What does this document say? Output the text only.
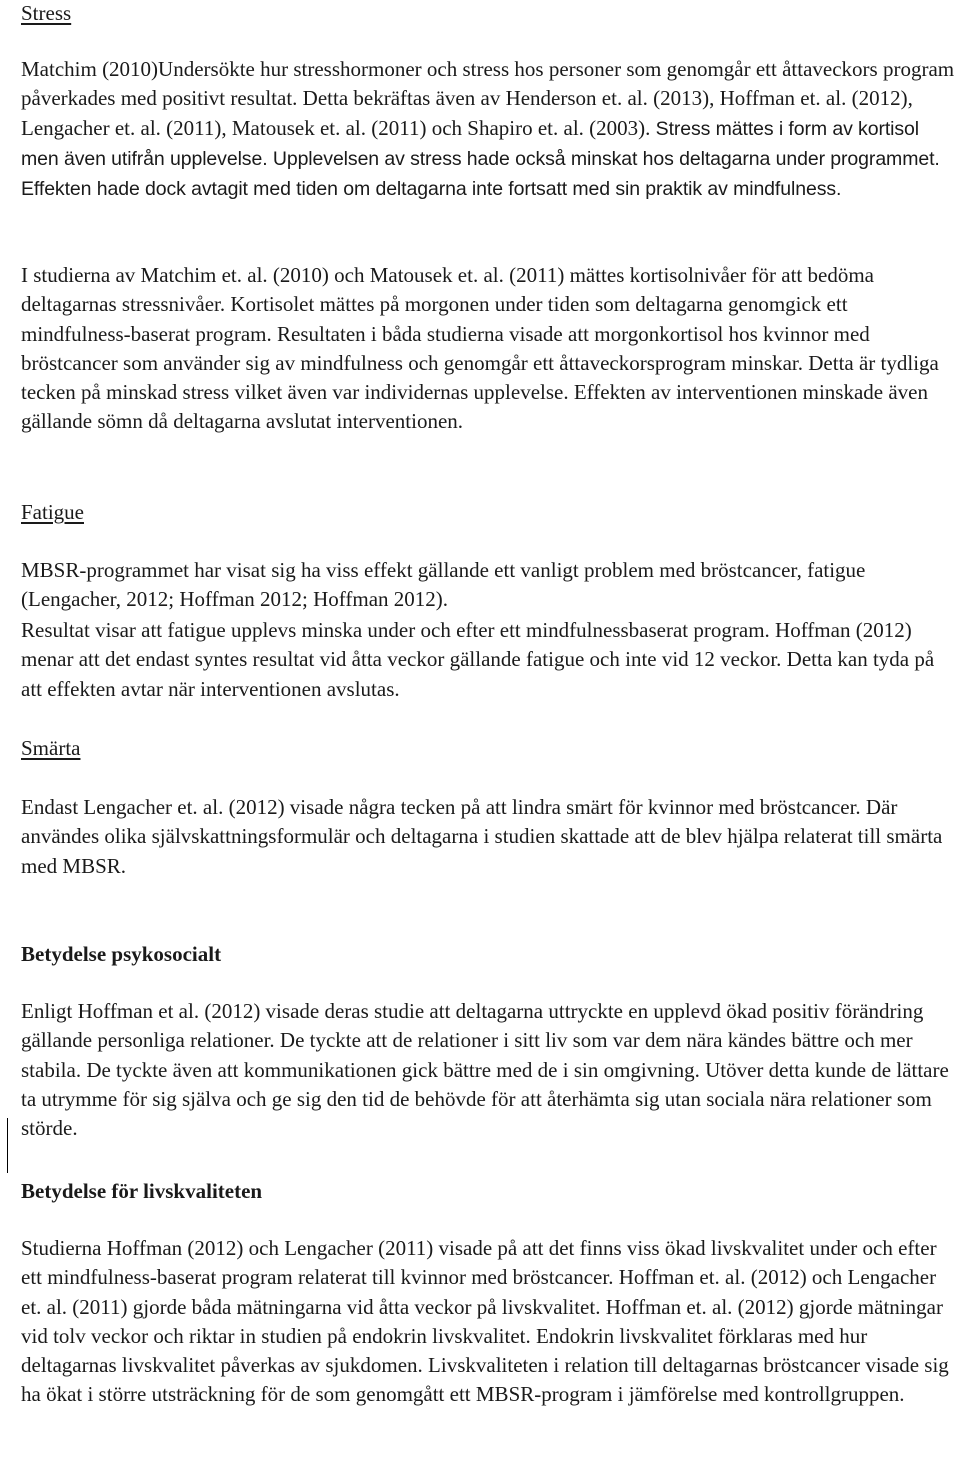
Stress

Matchim (2010)Undersökte hur stresshormoner och stress hos personer som genomgår ett åttaveckors program påverkades med positivt resultat. Detta bekräftas även av Henderson et. al. (2013), Hoffman et. al. (2012), Lengacher et. al. (2011), Matousek et. al. (2011) och Shapiro et. al. (2003). Stress mättes i form av kortisol men även utifrån upplevelse. Upplevelsen av stress hade också minskat hos deltagarna under programmet. Effekten hade dock avtagit med tiden om deltagarna inte fortsatt med sin praktik av mindfulness.

I studierna av Matchim et. al. (2010) och Matousek et. al. (2011) mättes kortisolnivåer för att bedöma deltagarnas stressnivåer. Kortisolet mättes på morgonen under tiden som deltagarna genomgick ett mindfulness-baserat program. Resultaten i båda studierna visade att morgonkortisol hos kvinnor med bröstcancer som använder sig av mindfulness och genomgår ett åttaveckorsprogram minskar. Detta är tydliga tecken på minskad stress vilket även var individernas upplevelse. Effekten av interventionen minskade även gällande sömn då deltagarna avslutat interventionen.

Fatigue

MBSR-programmet har visat sig ha viss effekt gällande ett vanligt problem med bröstcancer, fatigue (Lengacher, 2012; Hoffman 2012; Hoffman 2012).

Resultat visar att fatigue upplevs minska under och efter ett mindfulnessbaserat program. Hoffman (2012) menar att det endast syntes resultat vid åtta veckor gällande fatigue och inte vid 12 veckor. Detta kan tyda på att effekten avtar när interventionen avslutas.

Smärta

Endast Lengacher et. al. (2012) visade några tecken på att lindra smärt för kvinnor med bröstcancer. Där användes olika självskattningsformulär och deltagarna i studien skattade att de blev hjälpa relaterat till smärta med MBSR.

Betydelse psykosocialt

Enligt Hoffman et al. (2012) visade deras studie att deltagarna uttryckte en upplevd ökad positiv förändring gällande personliga relationer. De tyckte att de relationer i sitt liv som var dem nära kändes bättre och mer stabila. De tyckte även att kommunikationen gick bättre med de i sin omgivning. Utöver detta kunde de lättare ta utrymme för sig själva och ge sig den tid de behövde för att återhämta sig utan sociala nära relationer som störde.

Betydelse för livskvaliteten

Studierna Hoffman (2012) och Lengacher (2011) visade på att det finns viss ökad livskvalitet under och efter ett mindfulness-baserat program relaterat till kvinnor med bröstcancer. Hoffman et. al. (2012) och Lengacher et. al. (2011) gjorde båda mätningarna vid åtta veckor på livskvalitet. Hoffman et. al. (2012) gjorde mätningar vid tolv veckor och riktar in studien på endokrin livskvalitet. Endokrin livskvalitet förklaras med hur deltagarnas livskvalitet påverkas av sjukdomen. Livskvaliteten i relation till deltagarnas bröstcancer visade sig ha ökat i större utsträckning för de som genomgått ett MBSR-program i jämförelse med kontrollgruppen.
